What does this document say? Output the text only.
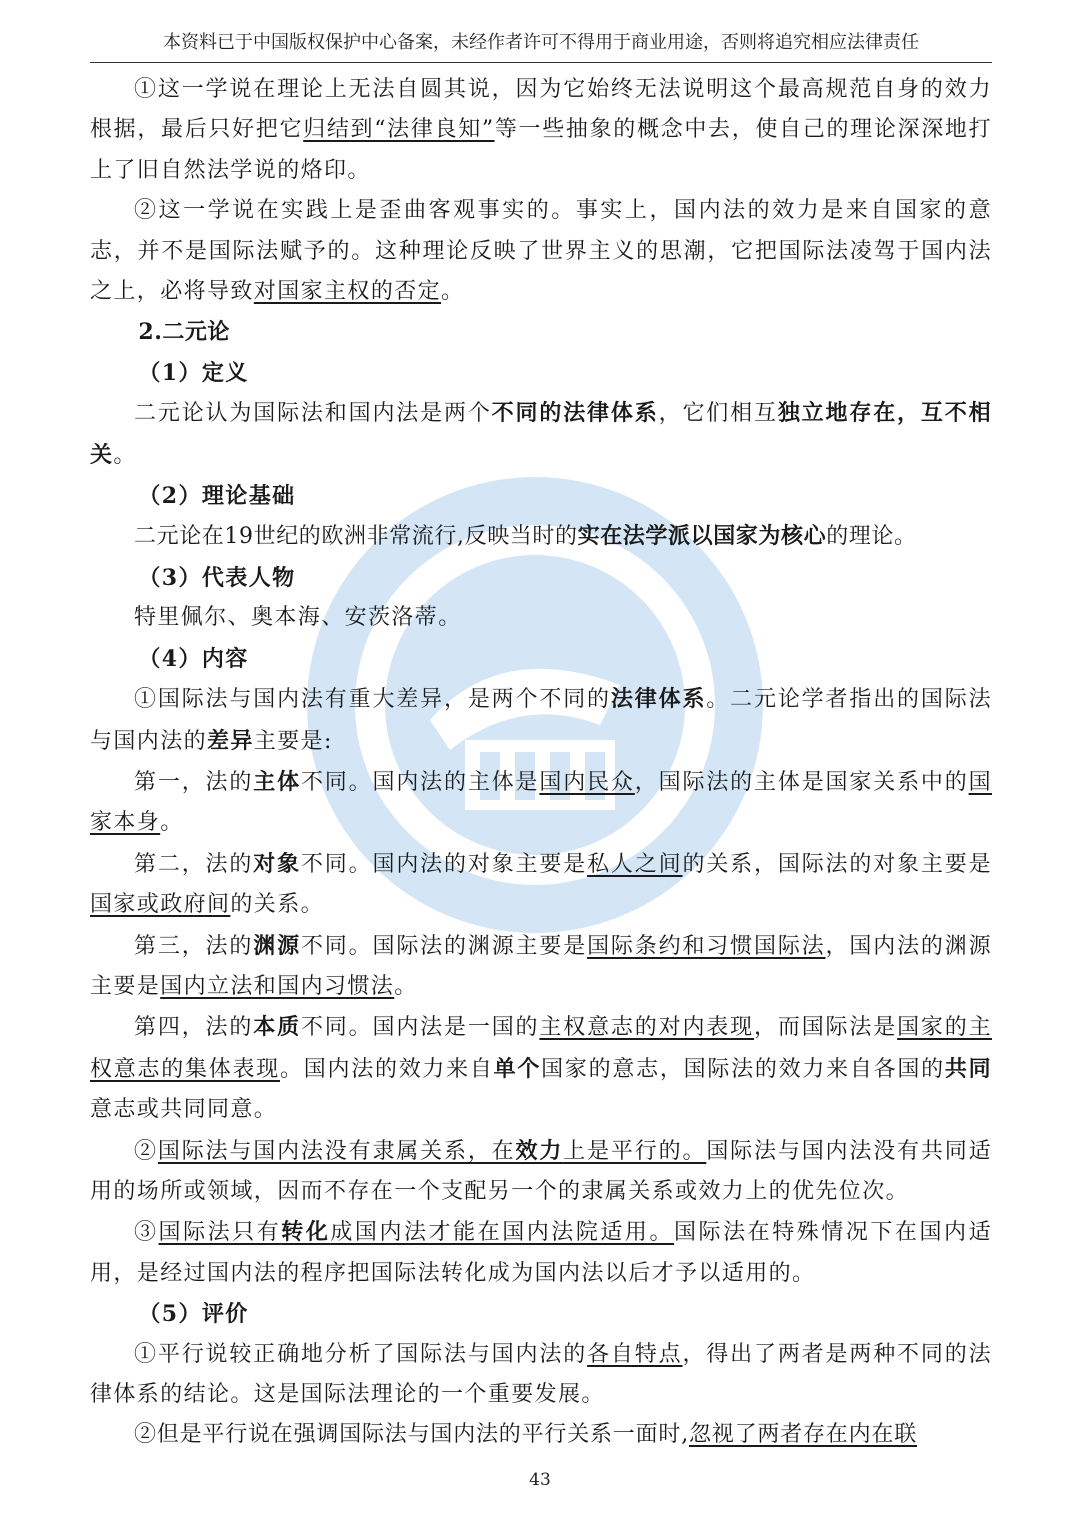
本资料已于中国版权保护中心备案，未经作者许可不得用于商业用途，否则将追究相应法律责任

①这一学说在理论上无法自圆其说，因为它始终无法说明这个最高规范自身的效力根据，最后只好把它归结到“法律良知”等一些抽象的概念中去，使自己的理论深深地打上了旧自然法学说的烙印。

②这一学说在实践上是歪曲客观事实的。事实上，国内法的效力是来自国家的意志，并不是国际法赋予的。这种理论反映了世界主义的思潮，它把国际法凌驾于国内法之上，必将导致对国家主权的否定。

2.二元论

（1）定义

二元论认为国际法和国内法是两个不同的法律体系，它们相互独立地存在，互不相关。

（2）理论基础

二元论在19世纪的欧洲非常流行,反映当时的实在法学派以国家为核心的理论。

（3）代表人物

特里佩尔、奥本海、安茨洛蒂。

（4）内容

①国际法与国内法有重大差异，是两个不同的法律体系。二元论学者指出的国际法与国内法的差异主要是:

第一，法的主体不同。国内法的主体是国内民众，国际法的主体是国家关系中的国家本身。

第二，法的对象不同。国内法的对象主要是私人之间的关系，国际法的对象主要是国家或政府间的关系。

第三，法的渊源不同。国际法的渊源主要是国际条约和习惯国际法，国内法的渊源主要是国内立法和国内习惯法。

第四，法的本质不同。国内法是一国的主权意志的对内表现，而国际法是国家的主权意志的集体表现。国内法的效力来自单个国家的意志，国际法的效力来自各国的共同意志或共同同意。

②国际法与国内法没有隶属关系，在效力上是平行的。国际法与国内法没有共同适用的场所或领域，因而不存在一个支配另一个的隶属关系或效力上的优先位次。

③国际法只有转化成国内法才能在国内法院适用。国际法在特殊情况下在国内适用，是经过国内法的程序把国际法转化成为国内法以后才予以适用的。

（5）评价

①平行说较正确地分析了国际法与国内法的各自特点，得出了两者是两种不同的法律体系的结论。这是国际法理论的一个重要发展。

②但是平行说在强调国际法与国内法的平行关系一面时,忽视了两者存在内在联

43
